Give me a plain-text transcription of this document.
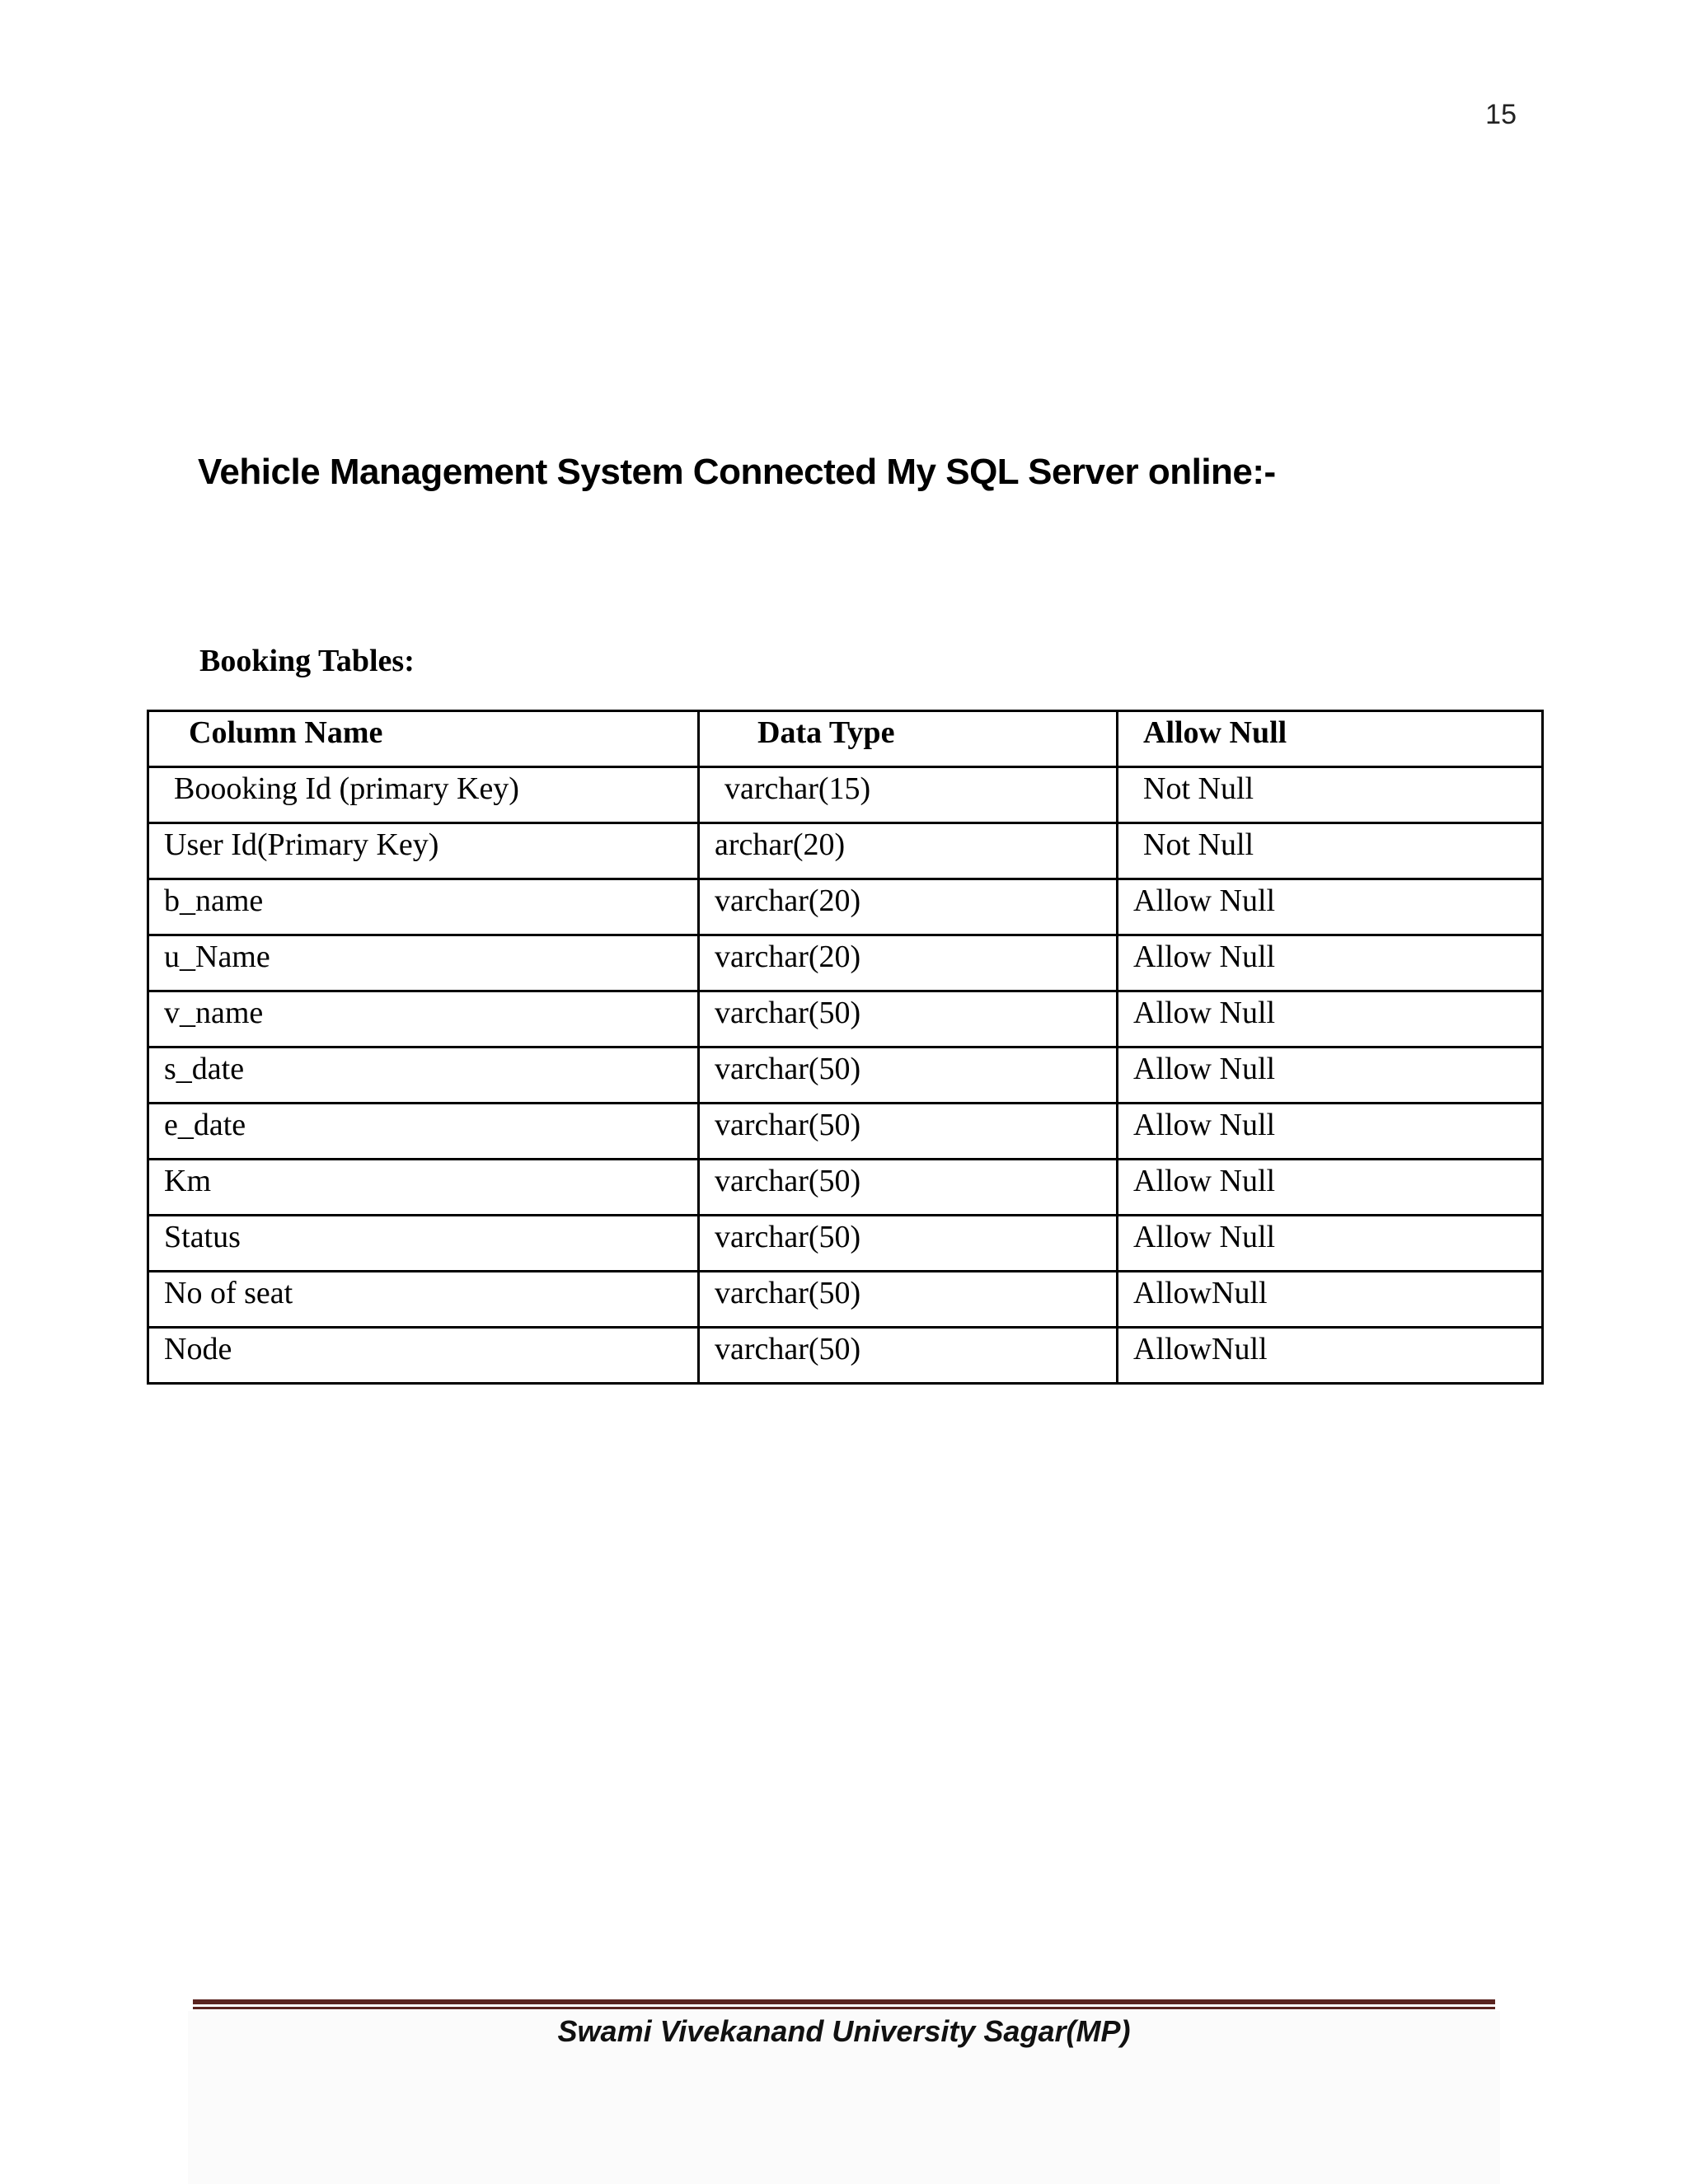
15
Vehicle Management System Connected My SQL Server online:-
Booking Tables:
Column Name	Data Type	Allow Null
Boooking Id (primary Key)	varchar(15)	Not Null
User Id(Primary Key)	archar(20)	Not Null
b_name	varchar(20)	Allow Null
u_Name	varchar(20)	Allow Null
v_name	varchar(50)	Allow Null
s_date	varchar(50)	Allow Null
e_date	varchar(50)	Allow Null
Km	varchar(50)	Allow Null
Status	varchar(50)	Allow Null
No of seat	varchar(50)	AllowNull
Node	varchar(50)	AllowNull
Swami Vivekanand University Sagar(MP)
